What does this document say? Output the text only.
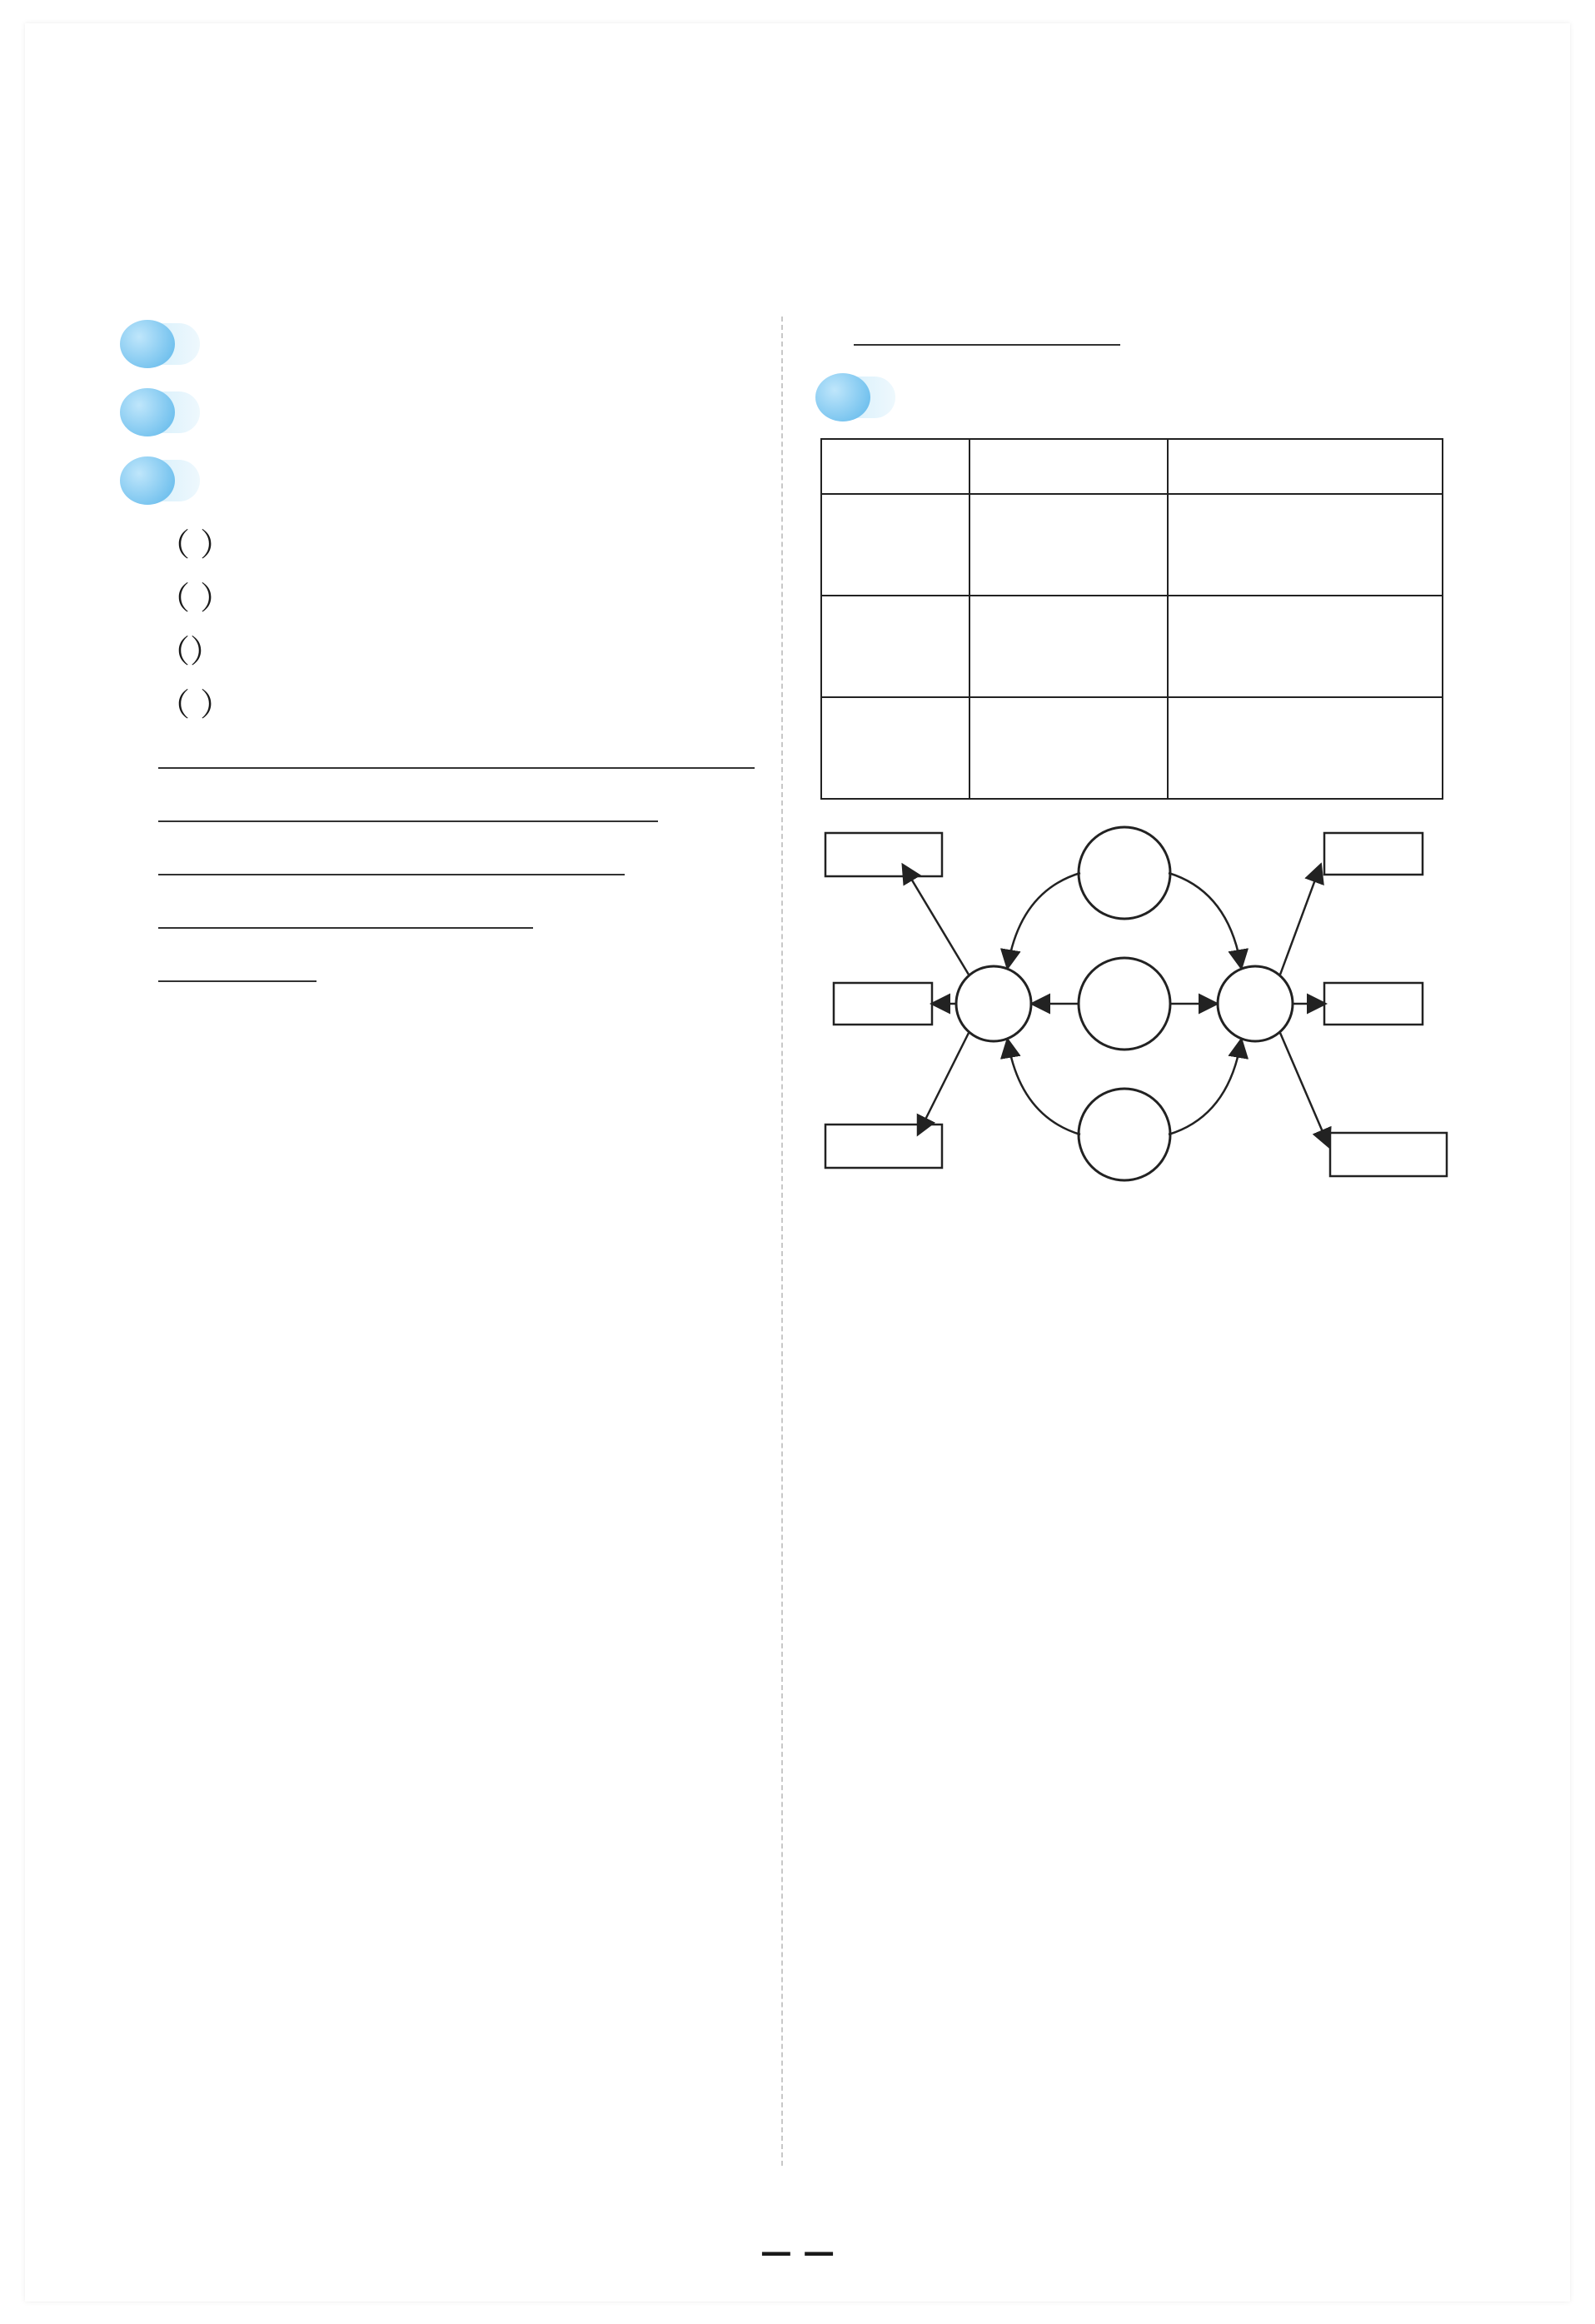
（ ）

（ ）

（）

（ ）

— —
